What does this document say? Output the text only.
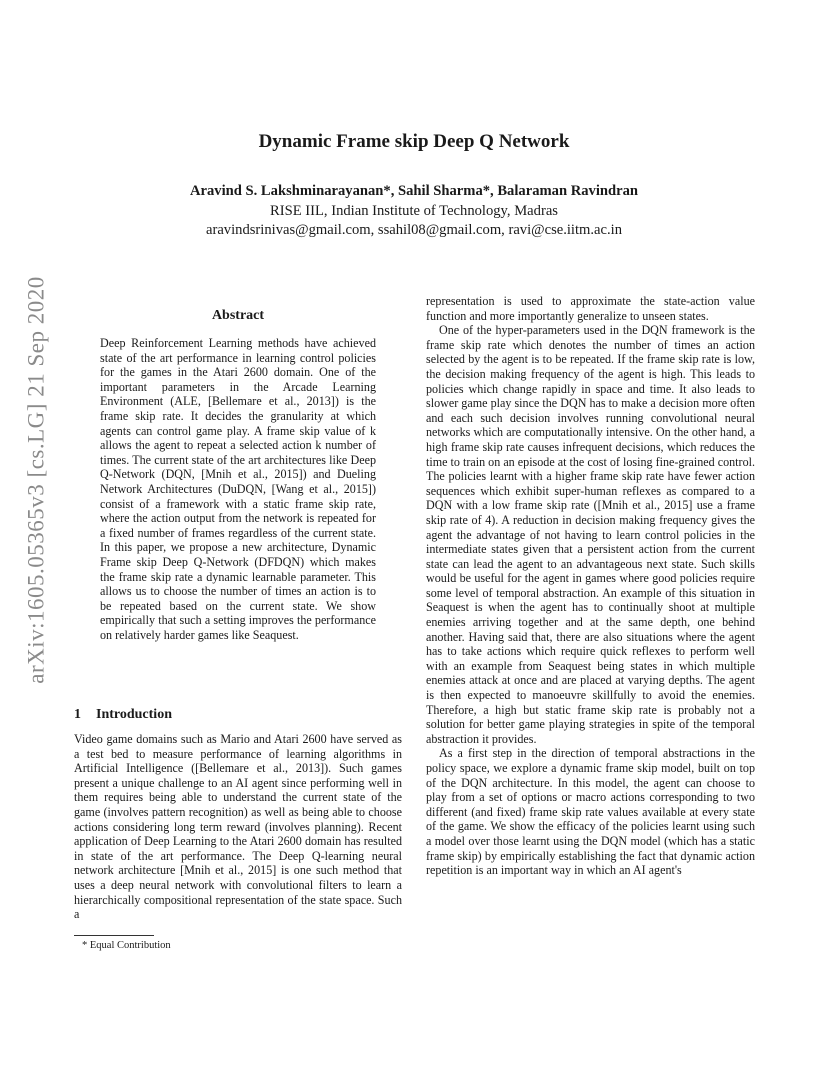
arXiv:1605.05365v3 [cs.LG] 21 Sep 2020
Dynamic Frame skip Deep Q Network
Aravind S. Lakshminarayanan*, Sahil Sharma*, Balaraman Ravindran
RISE IIL, Indian Institute of Technology, Madras
aravindsrinivas@gmail.com, ssahil08@gmail.com, ravi@cse.iitm.ac.in
Abstract

Deep Reinforcement Learning methods have achieved state of the art performance in learning control policies for the games in the Atari 2600 domain. One of the important parameters in the Arcade Learning Environment (ALE, [Bellemare et al., 2013]) is the frame skip rate. It decides the granularity at which agents can control game play. A frame skip value of k allows the agent to repeat a selected action k number of times. The current state of the art architectures like Deep Q-Network (DQN, [Mnih et al., 2015]) and Dueling Network Architectures (DuDQN, [Wang et al., 2015]) consist of a framework with a static frame skip rate, where the action output from the network is repeated for a fixed number of frames regardless of the current state. In this paper, we propose a new architecture, Dynamic Frame skip Deep Q-Network (DFDQN) which makes the frame skip rate a dynamic learnable parameter. This allows us to choose the number of times an action is to be repeated based on the current state. We show empirically that such a setting improves the performance on relatively harder games like Seaquest.

1 Introduction

Video game domains such as Mario and Atari 2600 have served as a test bed to measure performance of learning algorithms in Artificial Intelligence ([Bellemare et al., 2013]). Such games present a unique challenge to an AI agent since performing well in them requires being able to understand the current state of the game (involves pattern recognition) as well as being able to choose actions considering long term reward (involves planning). Recent application of Deep Learning to the Atari 2600 domain has resulted in state of the art performance. The Deep Q-learning neural network architecture [Mnih et al., 2015] is one such method that uses a deep neural network with convolutional filters to learn a hierarchically compositional representation of the state space. Such a

representation is used to approximate the state-action value function and more importantly generalize to unseen states.

One of the hyper-parameters used in the DQN framework is the frame skip rate which denotes the number of times an action selected by the agent is to be repeated. If the frame skip rate is low, the decision making frequency of the agent is high. This leads to policies which change rapidly in space and time. It also leads to slower game play since the DQN has to make a decision more often and each such decision involves running convolutional neural networks which are computationally intensive. On the other hand, a high frame skip rate causes infrequent decisions, which reduces the time to train on an episode at the cost of losing fine-grained control. The policies learnt with a higher frame skip rate have fewer action sequences which exhibit super-human reflexes as compared to a DQN with a low frame skip rate ([Mnih et al., 2015] use a frame skip rate of 4). A reduction in decision making frequency gives the agent the advantage of not having to learn control policies in the intermediate states given that a persistent action from the current state can lead the agent to an advantageous next state. Such skills would be useful for the agent in games where good policies require some level of temporal abstraction. An example of this situation in Seaquest is when the agent has to continually shoot at multiple enemies arriving together and at the same depth, one behind another. Having said that, there are also situations where the agent has to take actions which require quick reflexes to perform well with an example from Seaquest being states in which multiple enemies attack at once and are placed at varying depths. The agent is then expected to manoeuvre skillfully to avoid the enemies. Therefore, a high but static frame skip rate is probably not a solution for better game playing strategies in spite of the temporal abstraction it provides.

As a first step in the direction of temporal abstractions in the policy space, we explore a dynamic frame skip model, built on top of the DQN architecture. In this model, the agent can choose to play from a set of options or macro actions corresponding to two different (and fixed) frame skip rate values available at every state of the game. We show the efficacy of the policies learnt using such a model over those learnt using the DQN model (which has a static frame skip) by empirically establishing the fact that dynamic action repetition is an important way in which an AI agent's

* Equal Contribution
